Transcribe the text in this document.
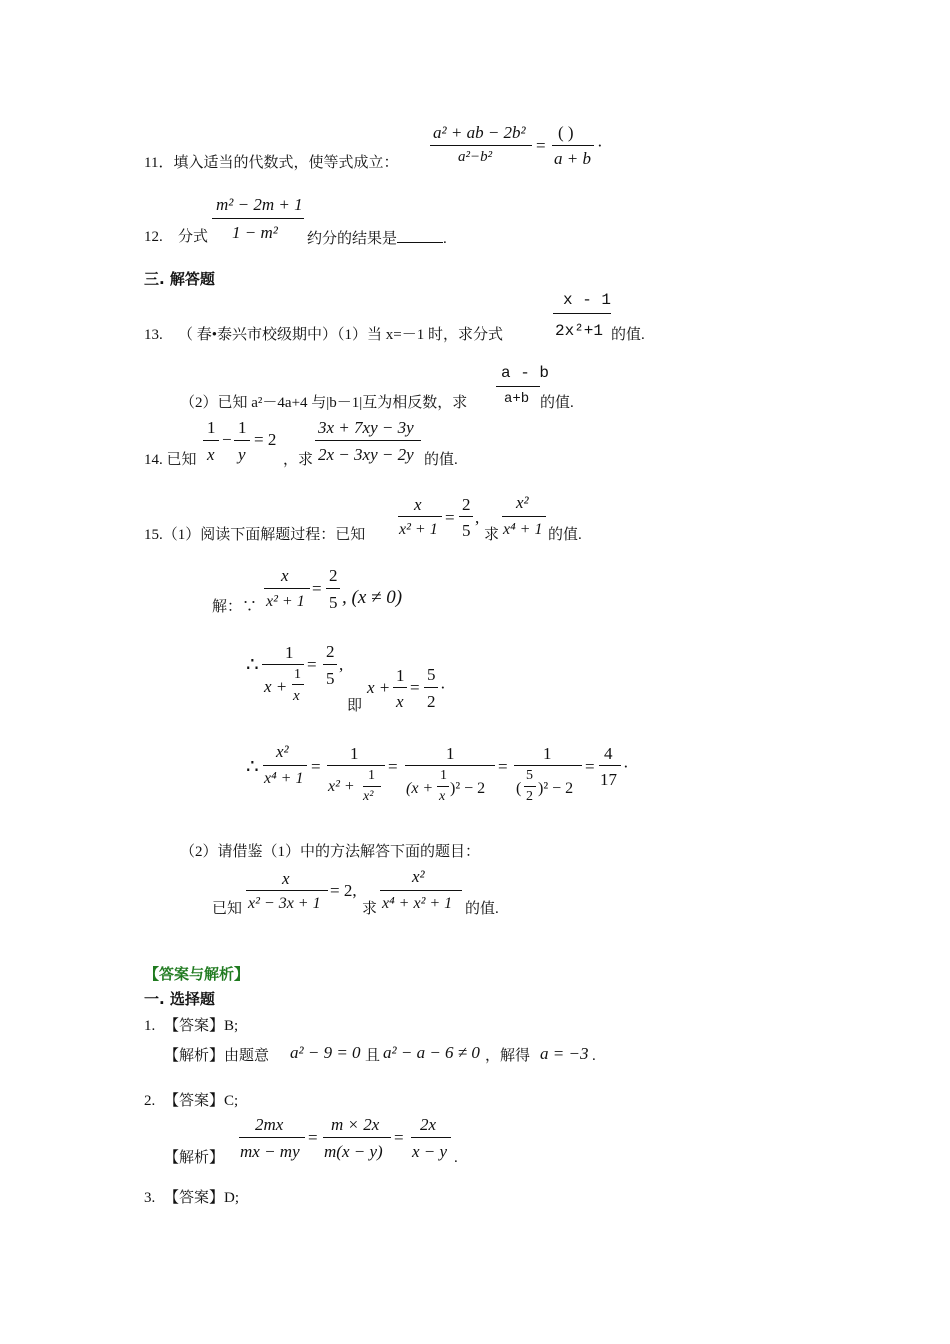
11．填入适当的代数式，使等式成立：
a² + ab − 2b²
a²−b²
=
( )
a + b
·
12. 分式
m² − 2m + 1
1 − m² 约分的结果是	.
三. 解答题
13. （ 春•泰兴市校级期中）（1）当 x=－1 时，求分式
x - 1
2x²+1 的值.
（2）已知 a²－4a+4 与|b－1|互为相反数，求
a - b
a+b 的值.
14. 已知
1
x
−
1
y
= 2
，求
3x + 7xy − 3y
2x − 3xy − 2y 的值.
15.（1）阅读下面解题过程：已知
x
x² + 1
=
2
5
,
求
x²
x⁴ + 1 的值.
解：∵
x
x² + 1
=
2
5 , (x ≠ 0)
∴
1
x +
1
x
=
2
5
,
即
x +
1
x
=
5
2
·
∴
x²
x⁴ + 1
=
1
x² +
1
x²
=
1
(x +
1
x )² − 2
=
1
(
5
2 )² − 2
=
4
17
·
（2）请借鉴（1）中的方法解答下面的题目：
已知
x
x² − 3x + 1
= 2,
求
x²
x⁴ + x² + 1 的值.
【答案与解析】
一. 选择题
1. 【答案】B;
【解析】由题意 a² − 9 = 0 且 a² − a − 6 ≠ 0 ，解得 a = −3 .
2. 【答案】C;
【解析】
2mx
mx − my
=
m × 2x
m(x − y)
=
2x
x − y .
3. 【答案】D;
